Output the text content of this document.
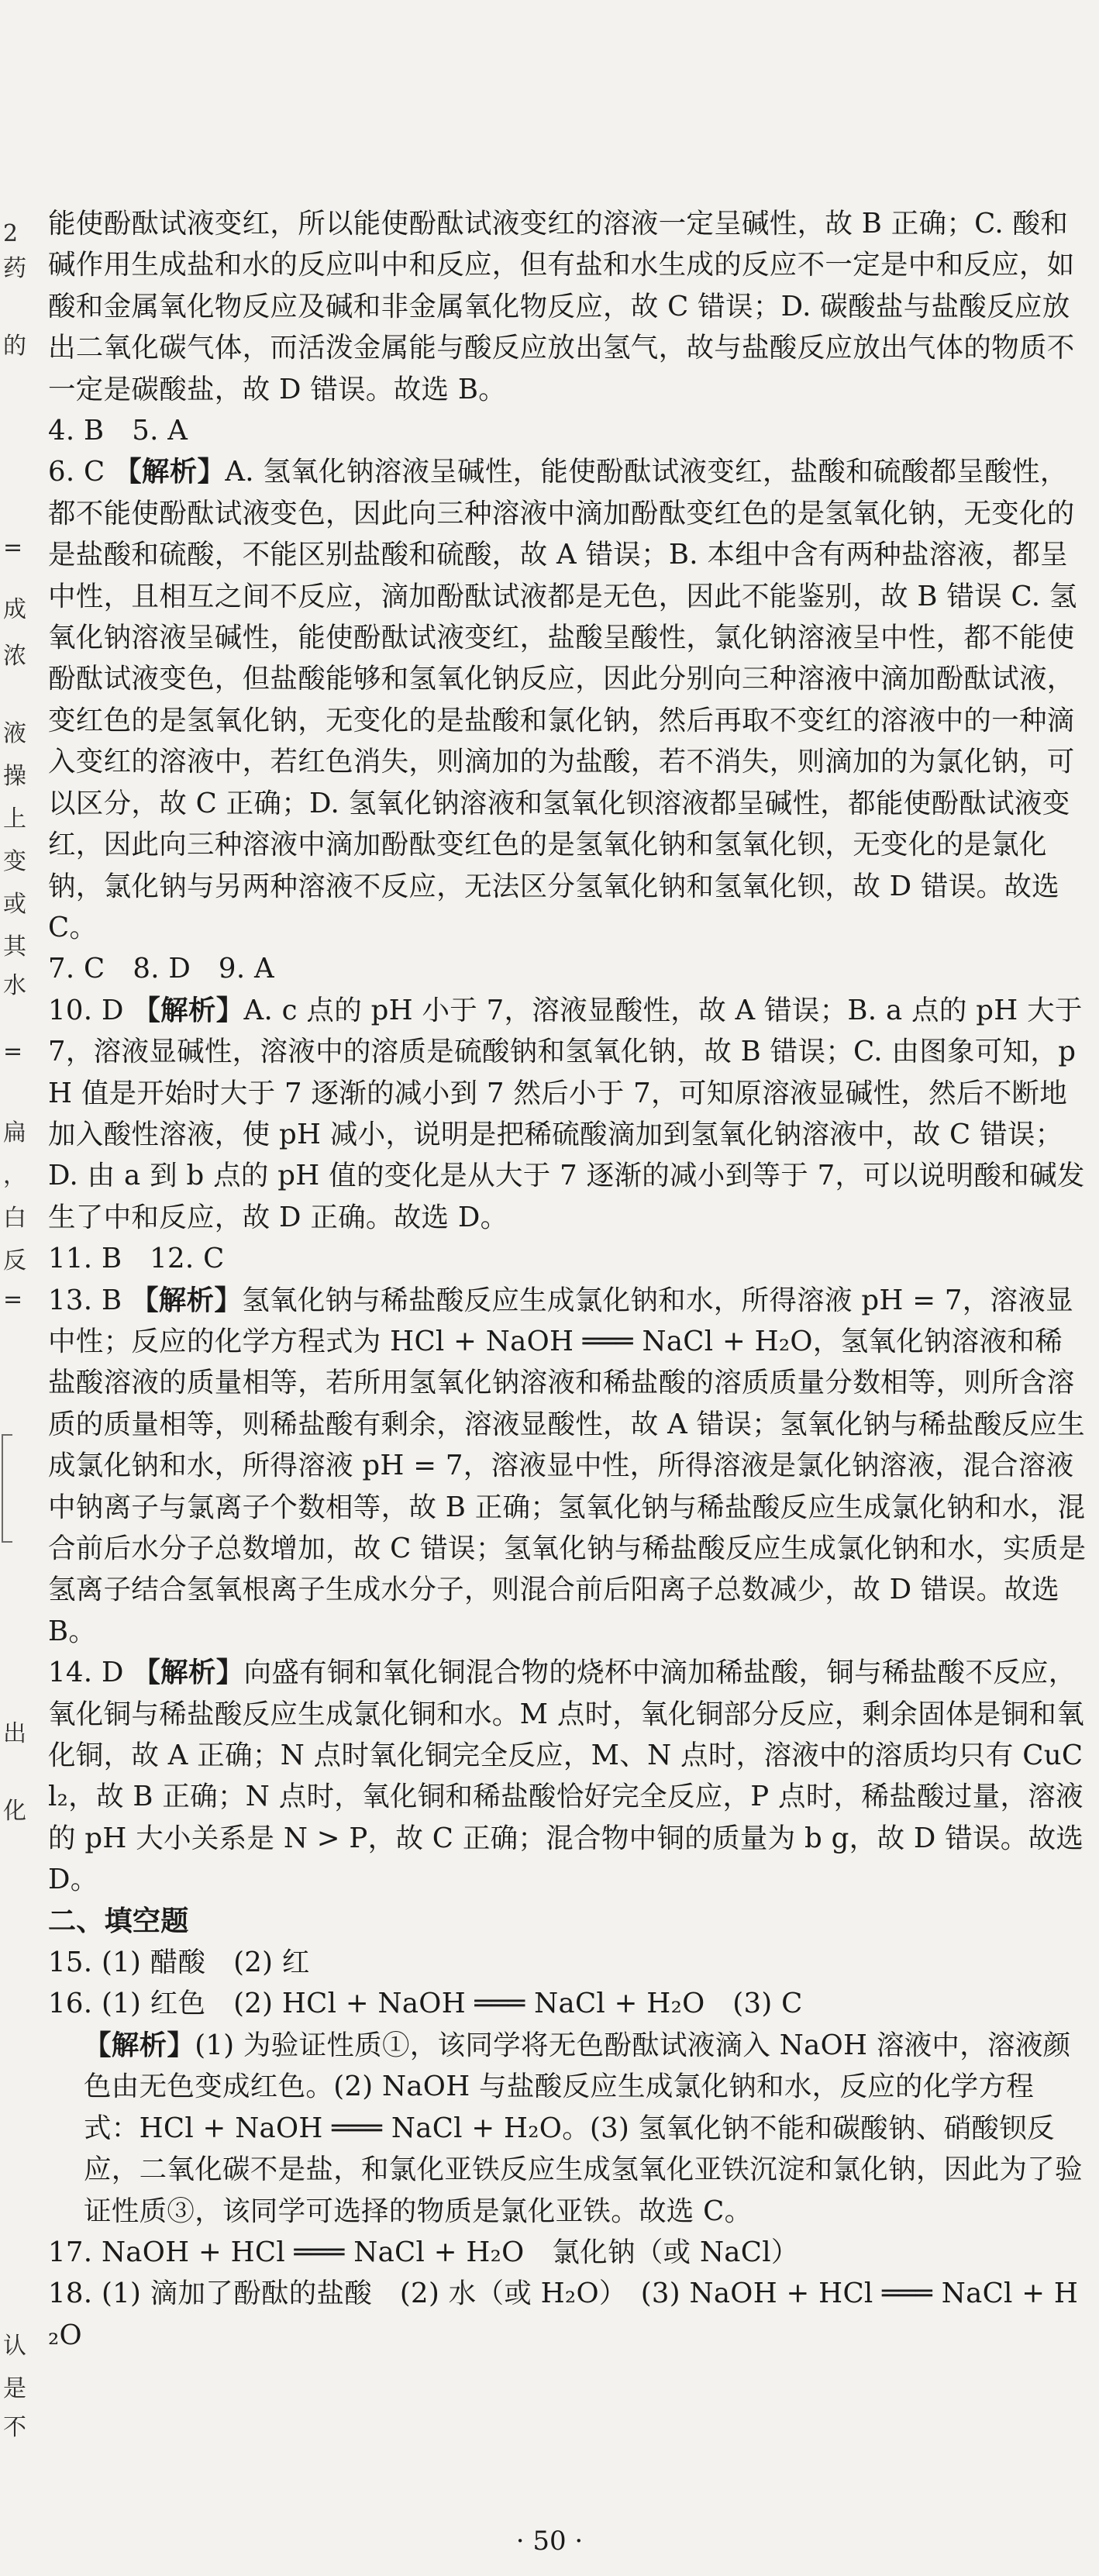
2
药
的
=
成
浓
液
操
上
变
或
其
水
=
扁
，
白
反
=
出
化
认
是
不
能使酚酞试液变红，所以能使酚酞试液变红的溶液一定呈碱性，故 B 正确；C. 酸和碱作用生成盐和水的反应叫中和反应，但有盐和水生成的反应不一定是中和反应，如酸和金属氧化物反应及碱和非金属氧化物反应，故 C 错误；D. 碳酸盐与盐酸反应放出二氧化碳气体，而活泼金属能与酸反应放出氢气，故与盐酸反应放出气体的物质不一定是碳酸盐，故 D 错误。故选 B。
4. B　5. A
6. C 【解析】A. 氢氧化钠溶液呈碱性，能使酚酞试液变红，盐酸和硫酸都呈酸性，都不能使酚酞试液变色，因此向三种溶液中滴加酚酞变红色的是氢氧化钠，无变化的是盐酸和硫酸，不能区别盐酸和硫酸，故 A 错误；B. 本组中含有两种盐溶液，都呈中性，且相互之间不反应，滴加酚酞试液都是无色，因此不能鉴别，故 B 错误 C. 氢氧化钠溶液呈碱性，能使酚酞试液变红，盐酸呈酸性，氯化钠溶液呈中性，都不能使酚酞试液变色，但盐酸能够和氢氧化钠反应，因此分别向三种溶液中滴加酚酞试液，变红色的是氢氧化钠，无变化的是盐酸和氯化钠，然后再取不变红的溶液中的一种滴入变红的溶液中，若红色消失，则滴加的为盐酸，若不消失，则滴加的为氯化钠，可以区分，故 C 正确；D. 氢氧化钠溶液和氢氧化钡溶液都呈碱性，都能使酚酞试液变红，因此向三种溶液中滴加酚酞变红色的是氢氧化钠和氢氧化钡，无变化的是氯化钠，氯化钠与另两种溶液不反应，无法区分氢氧化钠和氢氧化钡，故 D 错误。故选 C。
7. C　8. D　9. A
10. D 【解析】A. c 点的 pH 小于 7，溶液显酸性，故 A 错误；B. a 点的 pH 大于 7，溶液显碱性，溶液中的溶质是硫酸钠和氢氧化钠，故 B 错误；C. 由图象可知，pH 值是开始时大于 7 逐渐的减小到 7 然后小于 7，可知原溶液显碱性，然后不断地加入酸性溶液，使 pH 减小，说明是把稀硫酸滴加到氢氧化钠溶液中，故 C 错误；D. 由 a 到 b 点的 pH 值的变化是从大于 7 逐渐的减小到等于 7，可以说明酸和碱发生了中和反应，故 D 正确。故选 D。
11. B　12. C
13. B 【解析】氢氧化钠与稀盐酸反应生成氯化钠和水，所得溶液 pH = 7，溶液显中性；反应的化学方程式为 HCl + NaOH ═══ NaCl + H₂O，氢氧化钠溶液和稀盐酸溶液的质量相等，若所用氢氧化钠溶液和稀盐酸的溶质质量分数相等，则所含溶质的质量相等，则稀盐酸有剩余，溶液显酸性，故 A 错误；氢氧化钠与稀盐酸反应生成氯化钠和水，所得溶液 pH = 7，溶液显中性，所得溶液是氯化钠溶液，混合溶液中钠离子与氯离子个数相等，故 B 正确；氢氧化钠与稀盐酸反应生成氯化钠和水，混合前后水分子总数增加，故 C 错误；氢氧化钠与稀盐酸反应生成氯化钠和水，实质是氢离子结合氢氧根离子生成水分子，则混合前后阳离子总数减少，故 D 错误。故选 B。
14. D 【解析】向盛有铜和氧化铜混合物的烧杯中滴加稀盐酸，铜与稀盐酸不反应，氧化铜与稀盐酸反应生成氯化铜和水。M 点时，氧化铜部分反应，剩余固体是铜和氧化铜，故 A 正确；N 点时氧化铜完全反应，M、N 点时，溶液中的溶质均只有 CuCl₂，故 B 正确；N 点时，氧化铜和稀盐酸恰好完全反应，P 点时，稀盐酸过量，溶液的 pH 大小关系是 N > P，故 C 正确；混合物中铜的质量为 b g，故 D 错误。故选 D。
二、填空题
15. (1) 醋酸　(2) 红
16. (1) 红色　(2) HCl + NaOH ═══ NaCl + H₂O　(3) C
【解析】(1) 为验证性质①，该同学将无色酚酞试液滴入 NaOH 溶液中，溶液颜色由无色变成红色。(2) NaOH 与盐酸反应生成氯化钠和水，反应的化学方程式：HCl + NaOH ═══ NaCl + H₂O。(3) 氢氧化钠不能和碳酸钠、硝酸钡反应，二氧化碳不是盐，和氯化亚铁反应生成氢氧化亚铁沉淀和氯化钠，因此为了验证性质③，该同学可选择的物质是氯化亚铁。故选 C。
17. NaOH + HCl ═══ NaCl + H₂O　氯化钠（或 NaCl）
18. (1) 滴加了酚酞的盐酸　(2) 水（或 H₂O）　(3) NaOH + HCl ═══ NaCl + H₂O
· 50 ·
